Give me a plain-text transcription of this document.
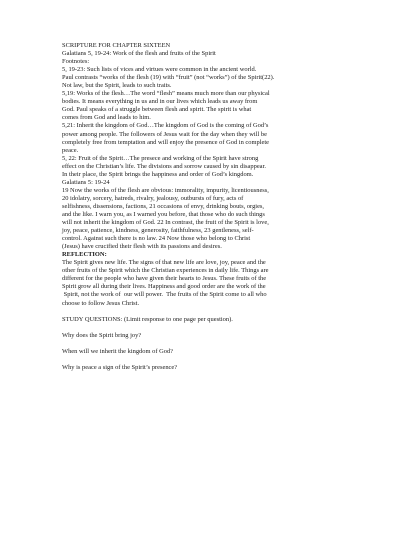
SCRIPTURE FOR CHAPTER SIXTEEN
Galatians 5, 19-24: Work of the flesh and fruits of the Spirit
Footnotes:
5, 19-23: Such lists of vices and virtues were common in the ancient world.
Paul contrasts “works of the flesh (19) with “fruit” (not “works”) of the Spirit(22).
Not law, but the Spirit, leads to such traits.
5,19: Works of the flesh…The word “flesh” means much more than our physical
bodies. It means everything in us and in our lives which leads us away from
God. Paul speaks of a struggle between flesh and spirit. The spirit is what
comes from God and leads to him.
5,21: Inherit the kingdom of God…The kingdom of God is the coming of God’s
power among people. The followers of Jesus wait for the day when they will be
completely free from temptation and will enjoy the presence of God in complete
peace.
5, 22: Fruit of the Spirit…The presece and working of the Spirit have strong
effect on the Christian’s life. The divisions and sorrow caused by sin disappear.
In their place, the Spirit brings the happiness and order of God’s kingdom.
Galatians 5: 19-24
19 Now the works of the flesh are obvious: immorality, impurity, licentiousness,
20 idolatry, sorcery, hatreds, rivalry, jealousy, outbursts of fury, acts of
selfishness, dissensions, factions, 21 occasions of envy, drinking bouts, orgies,
and the like. I warn you, as I warned you before, that those who do such things
will not inherit the kingdom of God. 22 In contrast, the fruit of the Spirit is love,
joy, peace, patience, kindness, generosity, faithfulness, 23 gentleness, self-
control. Against such there is no law. 24 Now those who belong to Christ
(Jesus) have crucified their flesh with its passions and desires.
REFLECTION:
The Spirit gives new life. The signs of that new life are love, joy, peace and the
other fruits of the Spirit which the Christian experiences in daily life. Things are
different for the people who have given their hearts to Jesus. These fruits of the
Spirit grow all during their lives. Happiness and good order are the work of the
Spirit, not the work of  our will power.  The fruits of the Spirit come to all who
choose to follow Jesus Christ.
STUDY QUESTIONS: (Limit response to one page per question).
Why does the Spirit bring joy?
When will we inherit the kingdom of God?
Why is peace a sign of the Spirit’s presence?
